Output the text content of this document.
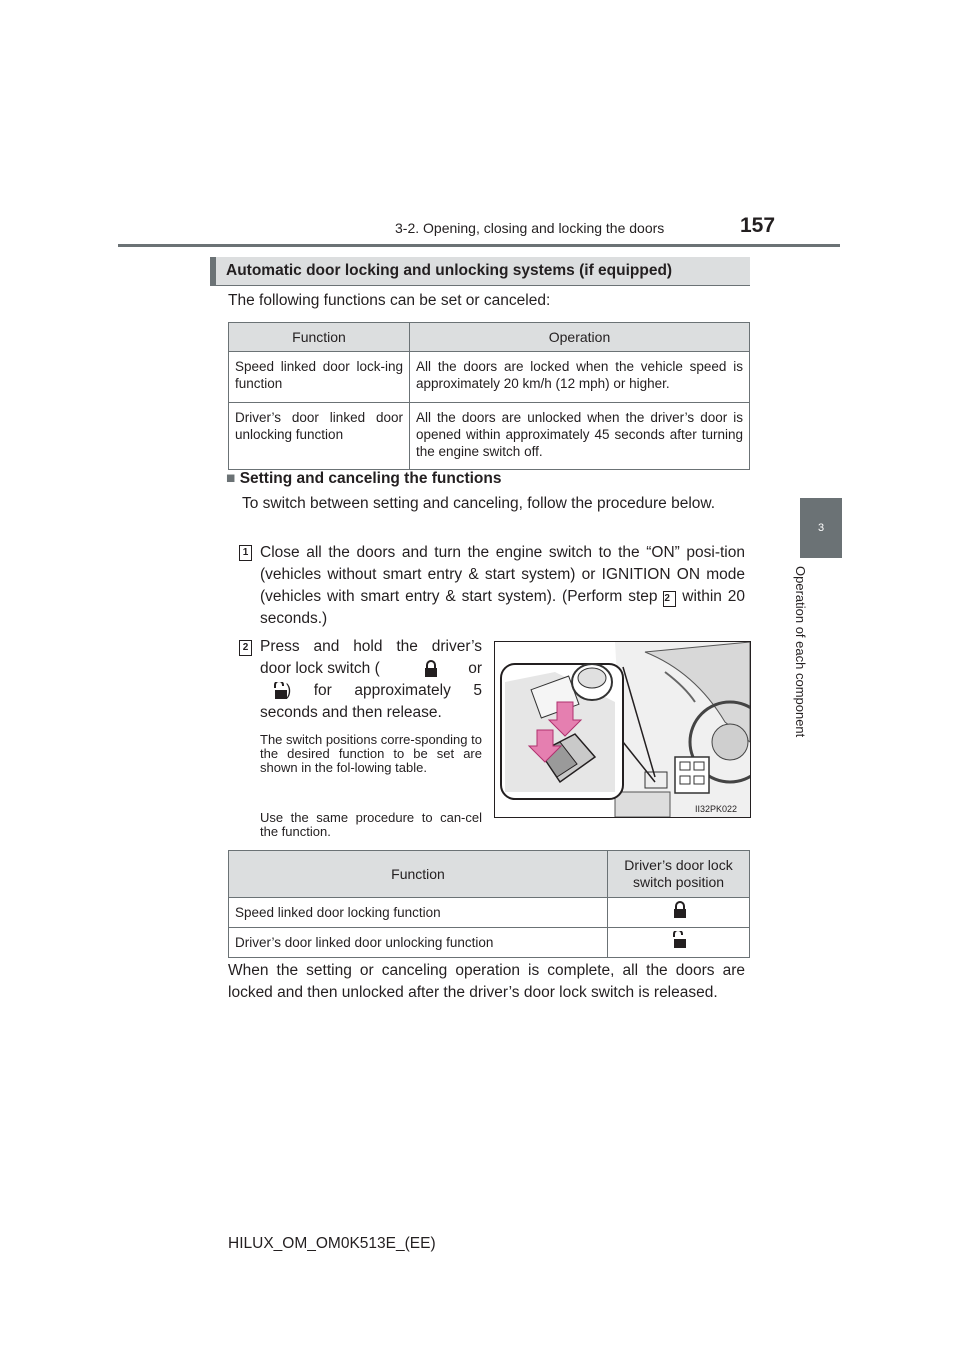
3-2. Opening, closing and locking the doors	157
3
Operation of each component
Automatic door locking and unlocking systems (if equipped)
The following functions can be set or canceled:
Function	Operation
Speed linked door lock-ing function	All the doors are locked when the vehicle speed is approximately 20 km/h (12 mph) or higher.
Driver’s door linked door unlocking function	All the doors are unlocked when the driver’s door is opened within approximately 45 seconds after turning the engine switch off.
■ Setting and canceling the functions
To switch between setting and canceling, follow the procedure below.
1 Close all the doors and turn the engine switch to the “ON” posi-tion (vehicles without smart entry & start system) or IGNITION ON mode (vehicles with smart entry & start system). (Perform step 2 within 20 seconds.)
2 Press and hold the driver’s
door lock switch (	or
) for approximately 5
seconds and then release.
The switch positions corre-sponding to the desired function to be set are shown in the fol-lowing table.
Use the same procedure to can-cel the function.
II32PK022
Function	Driver’s door lock switch position
Speed linked door locking function	
Driver’s door linked door unlocking function	
When the setting or canceling operation is complete, all the doors are locked and then unlocked after the driver’s door lock switch is released.
HILUX_OM_OM0K513E_(EE)
